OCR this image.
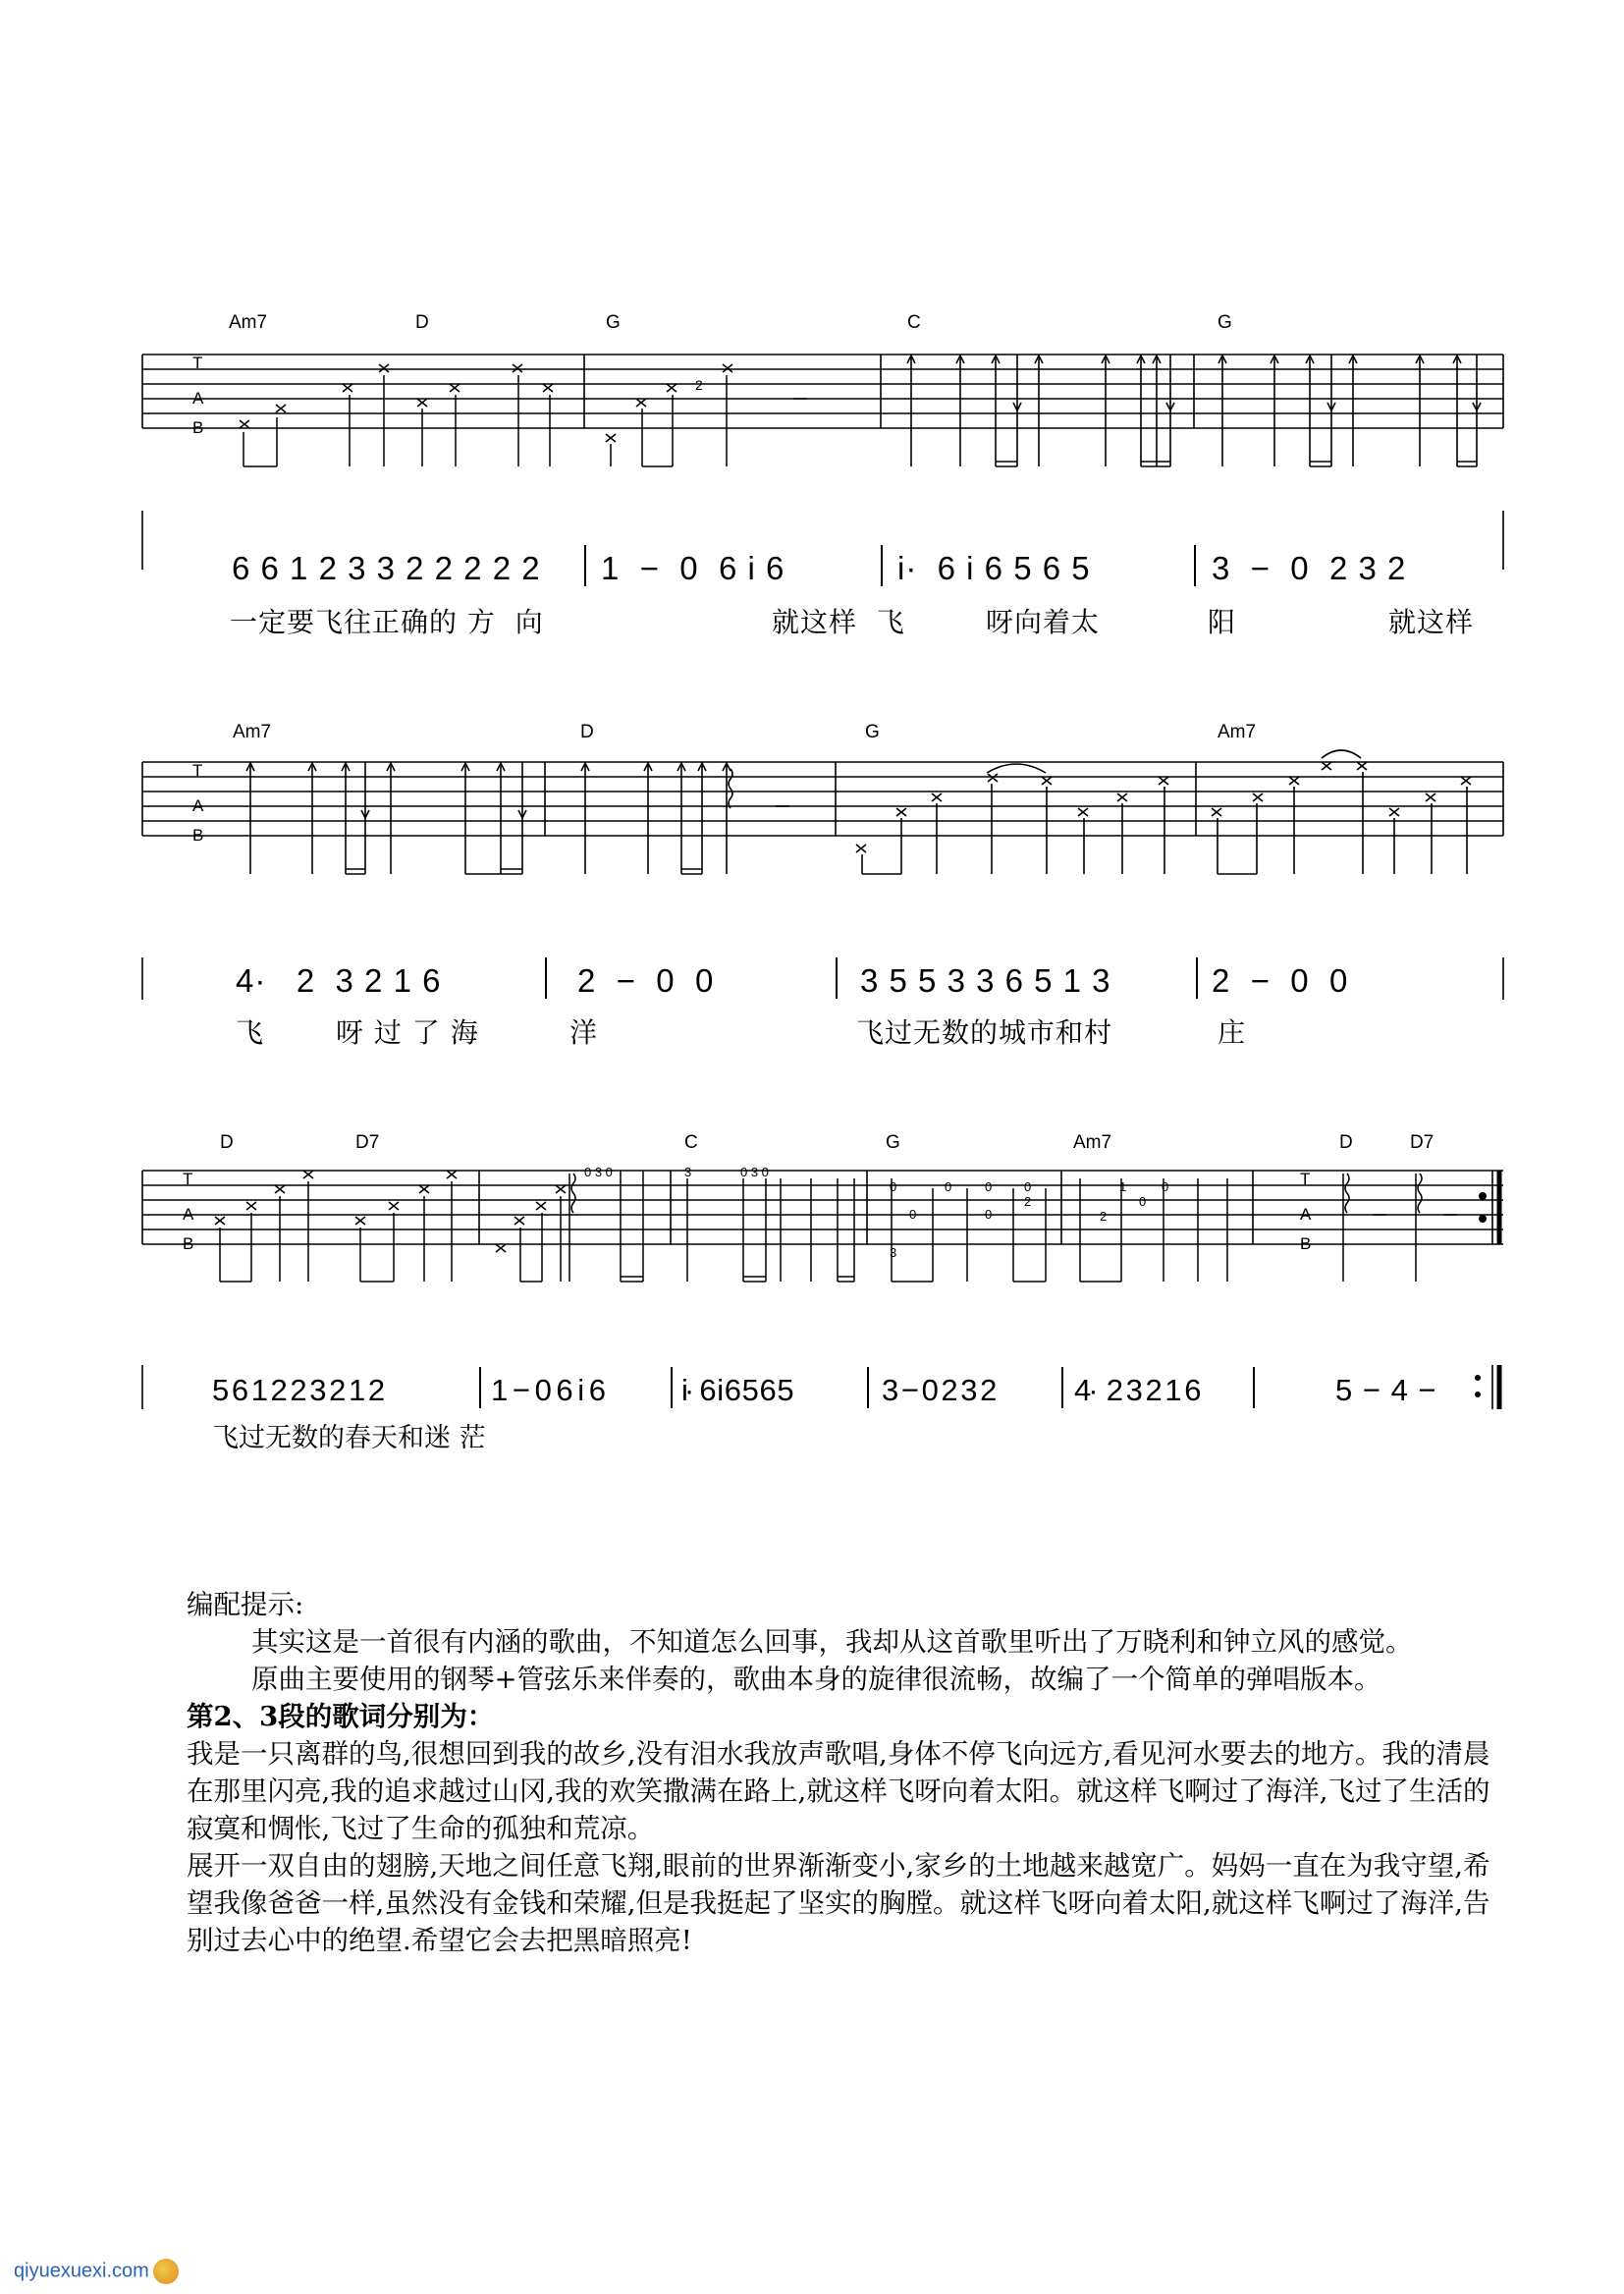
Am7	D	G	C	G
T
A
B
2
6 6 1 2 3 3 2 2 2 2 2 1  −  0  6 i 6	i·  6 i 6 5 6 5	3  −  0  2 3 2
一定要飞往正确的 方  向	就这样  飞	呀向着太	阳	就这样
Am7	D	G	Am7
T
A
B
4·   2  3 2 1 6	2  −  0  0	3 5 5 3 3 6 5 1 3	2  −  0  0
飞	呀 过 了 海	洋	飞过无数的城市和村	庄
D	D7	C	G	Am7	D	D7
T
A
B
T
A
B
0 3 0	3	0 3 0
0	0	0	0
0
2
0
3
1	0
2
0
5 6 1 2 2 3 2 1 2	1 − 0 6 i 6	i·  6 i 6 5 6 5	3 − 0 2 3 2	4·  2 3 2 1 6	5 − 4 −
飞过无数的春天和迷 茫

编配提示:

其实这是一首很有内涵的歌曲，不知道怎么回事，我却从这首歌里听出了万晓利和钟立风的感觉。

原曲主要使用的钢琴+管弦乐来伴奏的，歌曲本身的旋律很流畅，故编了一个简单的弹唱版本。

第2、3段的歌词分别为：

我是一只离群的鸟,很想回到我的故乡,没有泪水我放声歌唱,身体不停飞向远方,看见河水要去的地方。我的清晨在那里闪亮,我的追求越过山冈,我的欢笑撒满在路上,就这样飞呀向着太阳。就这样飞啊过了海洋,飞过了生活的寂寞和惆怅,飞过了生命的孤独和荒凉。

展开一双自由的翅膀,天地之间任意飞翔,眼前的世界渐渐变小,家乡的土地越来越宽广。妈妈一直在为我守望,希望我像爸爸一样,虽然没有金钱和荣耀,但是我挺起了坚实的胸膛。就这样飞呀向着太阳,就这样飞啊过了海洋,告别过去心中的绝望.希望它会去把黑暗照亮!

qiyuexuexi.com
